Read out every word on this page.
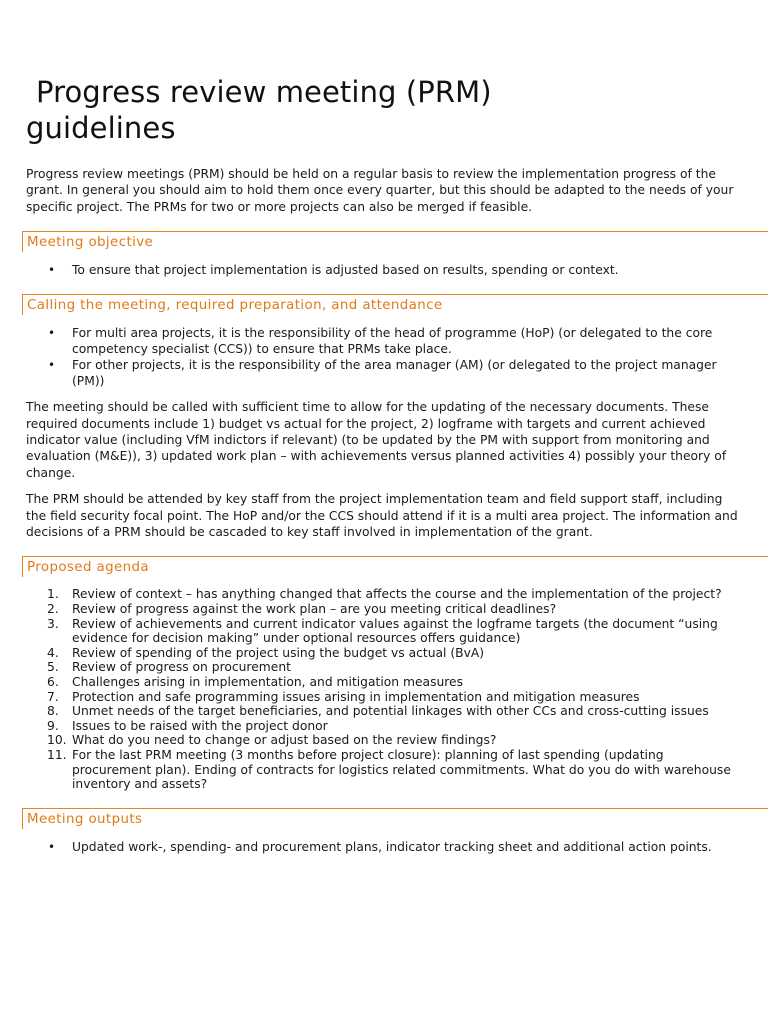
Progress review meeting (PRM)
guidelines

Progress review meetings (PRM) should be held on a regular basis to review the implementation progress of the grant. In general you should aim to hold them once every quarter, but this should be adapted to the needs of your specific project. The PRMs for two or more projects can also be merged if feasible.

Meeting objective
• To ensure that project implementation is adjusted based on results, spending or context.
Calling the meeting, required preparation, and attendance
• For multi area projects, it is the responsibility of the head of programme (HoP) (or delegated to the core competency specialist (CCS)) to ensure that PRMs take place.
• For other projects, it is the responsibility of the area manager (AM) (or delegated to the project manager (PM))

The meeting should be called with sufficient time to allow for the updating of the necessary documents. These required documents include 1) budget vs actual for the project, 2) logframe with targets and current achieved indicator value (including VfM indictors if relevant) (to be updated by the PM with support from monitoring and evaluation (M&E)), 3) updated work plan – with achievements versus planned activities 4) possibly your theory of change.

The PRM should be attended by key staff from the project implementation team and field support staff, including the field security focal point. The HoP and/or the CCS should attend if it is a multi area project. The information and decisions of a PRM should be cascaded to key staff involved in implementation of the grant.

Proposed agenda
1. Review of context – has anything changed that affects the course and the implementation of the project?
2. Review of progress against the work plan – are you meeting critical deadlines?
3. Review of achievements and current indicator values against the logframe targets (the document “using evidence for decision making” under optional resources offers guidance)
4. Review of spending of the project using the budget vs actual (BvA)
5. Review of progress on procurement
6. Challenges arising in implementation, and mitigation measures
7. Protection and safe programming issues arising in implementation and mitigation measures
8. Unmet needs of the target beneficiaries, and potential linkages with other CCs and cross-cutting issues
9. Issues to be raised with the project donor
10. What do you need to change or adjust based on the review findings?
11. For the last PRM meeting (3 months before project closure): planning of last spending (updating procurement plan). Ending of contracts for logistics related commitments. What do you do with warehouse inventory and assets?
Meeting outputs
• Updated work-, spending- and procurement plans, indicator tracking sheet and additional action points.
